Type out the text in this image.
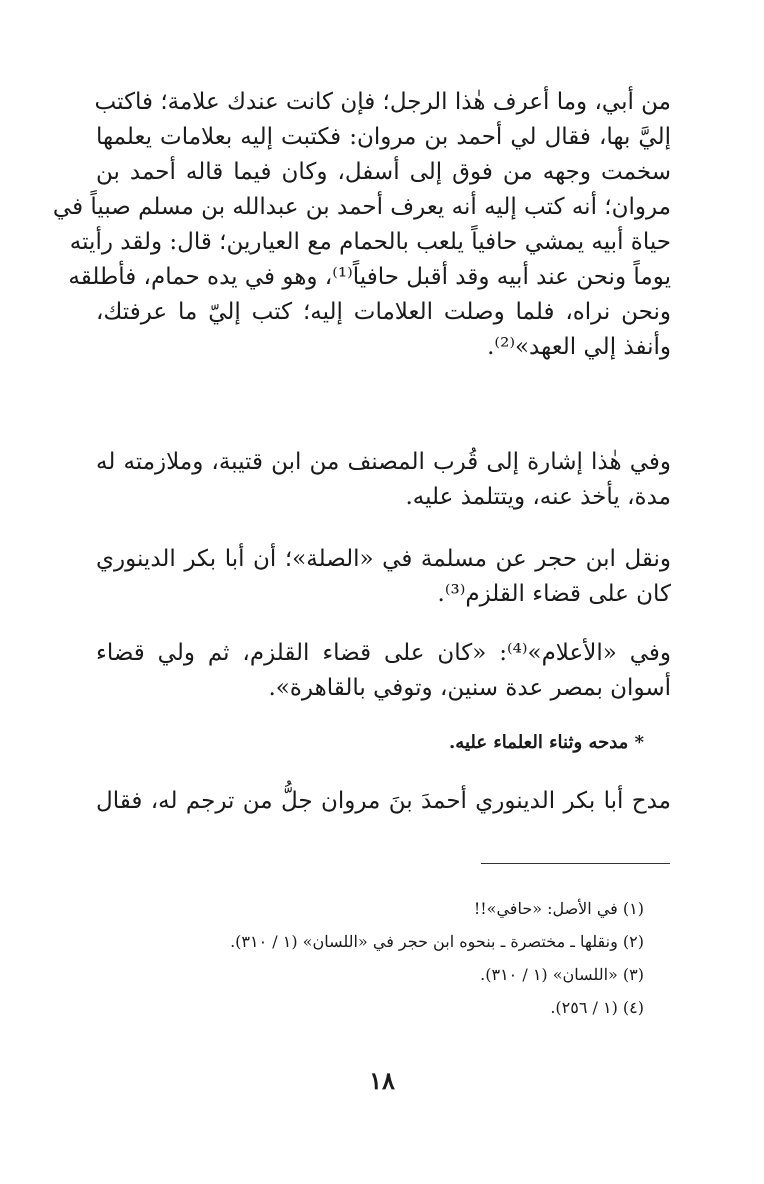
من أبي، وما أعرف هٰذا الرجل؛ فإن كانت عندك علامة؛ فاكتب
إليَّ بها، فقال لي أحمد بن مروان: فكتبت إليه بعلامات يعلمها
سخمت وجهه من فوق إلى أسفل، وكان فيما قاله أحمد بن
مروان؛ أنه كتب إليه أنه يعرف أحمد بن عبدالله بن مسلم صبياً في
حياة أبيه يمشي حافياً يلعب بالحمام مع العيارين؛ قال: ولقد رأيته
يوماً ونحن عند أبيه وقد أقبل حافياً⁽¹⁾، وهو في يده حمام، فأطلقه
ونحن نراه، فلما وصلت العلامات إليه؛ كتب إليّ ما عرفتك،
وأنفذ إلي العهد»⁽²⁾.
وفي هٰذا إشارة إلى قُرب المصنف من ابن قتيبة، وملازمته له
مدة، يأخذ عنه، ويتتلمذ عليه.
ونقل ابن حجر عن مسلمة في «الصلة»؛ أن أبا بكر الدينوري
كان على قضاء القلزم⁽³⁾.
وفي «الأعلام»⁽⁴⁾: «كان على قضاء القلزم، ثم ولي قضاء
أسوان بمصر عدة سنين، وتوفي بالقاهرة».
* مدحه وثناء العلماء عليه.
مدح أبا بكر الدينوري أحمدَ بنَ مروان جلُّ من ترجم له، فقال
(١) في الأصل: «حافي»!!
(٢) ونقلها ـ مختصرة ـ بنحوه ابن حجر في «اللسان» (١ / ٣١٠).
(٣) «اللسان» (١ / ٣١٠).
(٤) (١ / ٢٥٦).
١٨
